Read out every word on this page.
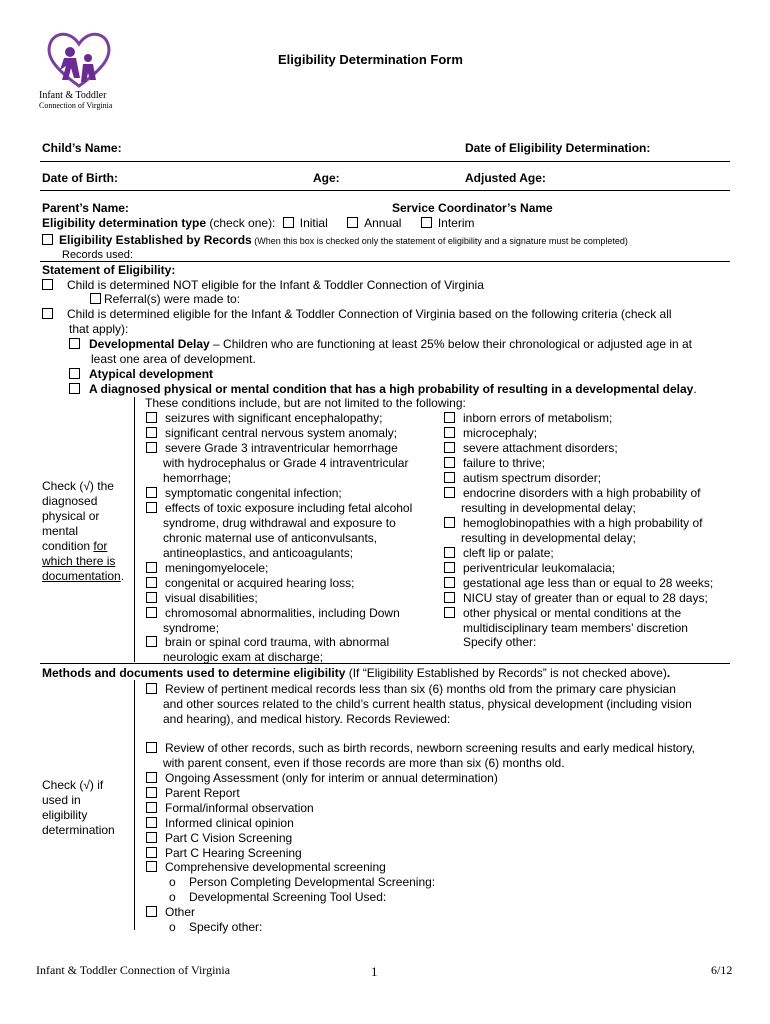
Infant & Toddler
Connection of Virginia
Eligibility Determination Form
Child’s Name:	Date of Eligibility Determination:
Date of Birth:	Age:	Adjusted Age:
Parent’s Name:	Service Coordinator’s Name
Eligibility determination type (check one): Initial	Annual	Interim
Eligibility Established by Records (When this box is checked only the statement of eligibility and a signature must be completed)
Records used:
Statement of Eligibility:
Child is determined NOT eligible for the Infant & Toddler Connection of Virginia
Referral(s) were made to:
Child is determined eligible for the Infant & Toddler Connection of Virginia based on the following criteria (check all
that apply):
Developmental Delay – Children who are functioning at least 25% below their chronological or adjusted age in at
least one area of development.
Atypical development
A diagnosed physical or mental condition that has a high probability of resulting in a developmental delay.
These conditions include, but are not limited to the following:
Check (√) the
diagnosed
physical or
mental
condition for
which there is
documentation.
seizures with significant encephalopathy;
significant central nervous system anomaly;
severe Grade 3 intraventricular hemorrhage
with hydrocephalus or Grade 4 intraventricular
hemorrhage;
symptomatic congenital infection;
effects of toxic exposure including fetal alcohol
syndrome, drug withdrawal and exposure to
chronic maternal use of anticonvulsants,
antineoplastics, and anticoagulants;
meningomyelocele;
congenital or acquired hearing loss;
visual disabilities;
chromosomal abnormalities, including Down
syndrome;
brain or spinal cord trauma, with abnormal
neurologic exam at discharge;
inborn errors of metabolism;
microcephaly;
severe attachment disorders;
failure to thrive;
autism spectrum disorder;
endocrine disorders with a high probability of
resulting in developmental delay;
hemoglobinopathies with a high probability of
resulting in developmental delay;
cleft lip or palate;
periventricular leukomalacia;
gestational age less than or equal to 28 weeks;
NICU stay of greater than or equal to 28 days;
other physical or mental conditions at the
multidisciplinary team members’ discretion
Specify other:
Methods and documents used to determine eligibility (If “Eligibility Established by Records” is not checked above).
Review of pertinent medical records less than six (6) months old from the primary care physician
and other sources related to the child’s current health status, physical development (including vision
and hearing), and medical history. Records Reviewed:
Review of other records, such as birth records, newborn screening results and early medical history,
with parent consent, even if those records are more than six (6) months old.
Check (√) if
used in
eligibility
determination
Ongoing Assessment (only for interim or annual determination)
Parent Report
Formal/informal observation
Informed clinical opinion
Part C Vision Screening
Part C Hearing Screening
Comprehensive developmental screening
o Person Completing Developmental Screening:
o Developmental Screening Tool Used:
Other
o Specify other:
Infant & Toddler Connection of Virginia	1	6/12
